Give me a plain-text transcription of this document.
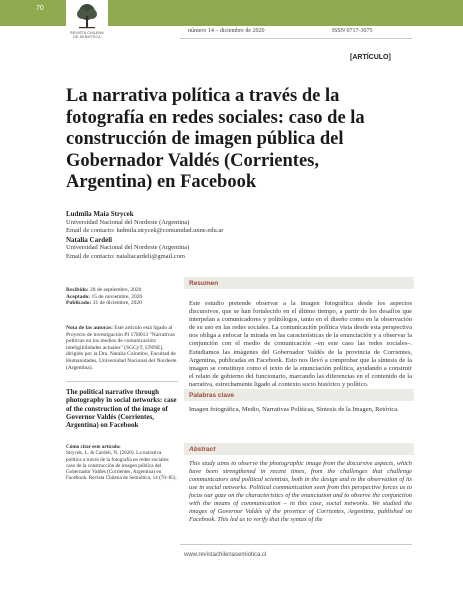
70
REVISTA CHILENA DE SEMIÓTICA
número 14 – diciembre de 2020	ISSN 0717-3075
[ARTÍCULO]
La narrativa política a través de la fotografía en redes sociales: caso de la construcción de imagen pública del Gobernador Valdés (Corrientes, Argentina) en Facebook
Ludmila Maia Strycek
Universidad Nacional del Nordeste (Argentina)
Email de contacto: ludmila.strycek@comunidad.unne.edu.ar
Natalia Cardeli
Universidad Nacional del Nordeste (Argentina)
Email de contacto: nataliacardeli@gmail.com
Recibido: 28 de septiembre, 2020
Aceptado: 15 de noviembre, 2020
Publicado: 31 de diciembre, 2020
Nota de las autoras: Este artículo está ligado al Proyecto de investigación PI 17H013 "Narrativas políticas en los medios de comunicación: inteligibilidades actuales" (SGCyT, UNNE), dirigido por la Dra. Natalia Colombo, Facultad de Humanidades, Universidad Nacional del Nordeste (Argentina).
The political narrative through photography in social networks: case of the construction of the image of Governor Valdés (Corrientes, Argentina) on Facebook
Cómo citar este artículo:
Strycek, L. & Cardeli, N. (2020). La narrativa política a través de la fotografía en redes sociales: caso de la construcción de imagen pública del Gobernador Valdés (Corrientes, Argentina) en Facebook. Revista Chilena de Semiótica, 14 (70–85).
Resumen
Este estudio pretende observar a la imagen fotográfica desde los aspectos discursivos, que se han fortalecido en el último tiempo, a partir de los desafíos que interpelan a comunicadores y politólogos, tanto en el diseño como en la observación de su uso en las redes sociales. La comunicación política vista desde esta perspectiva nos obliga a enfocar la mirada en las características de la enunciación y a observar la conjunción con el medio de comunicación –en este caso las redes sociales–. Estudiamos las imágenes del Gobernador Valdés de la provincia de Corrientes, Argentina, publicadas en Facebook. Esto nos llevó a comprobar que la síntesis de la imagen se constituye como el texto de la enunciación política, ayudando a construir el relato de gobierno del funcionario, marcando las diferencias en el contenido de la narrativa, estrechamente ligado al contexto socio histórico y político.
Palabras clave
Imagen fotográfica, Medio, Narrativas Políticas, Síntesis de la Imagen, Retórica.
Abstract
This study aims to observe the photographic image from the discursive aspects, which have been strengthened in recent times, from the challenges that challenge communicators and political scientists, both in the design and in the observation of its use in social networks. Political communication seen from this perspective forces us to focus our gaze on the characteristics of the enunciation and to observe the conjunction with the means of communication – in this case, social networks. We studied the images of Governor Valdés of the province of Corrientes, Argentina, published on Facebook. This led us to verify that the syntax of the
www.revistachilenasemiotica.cl
